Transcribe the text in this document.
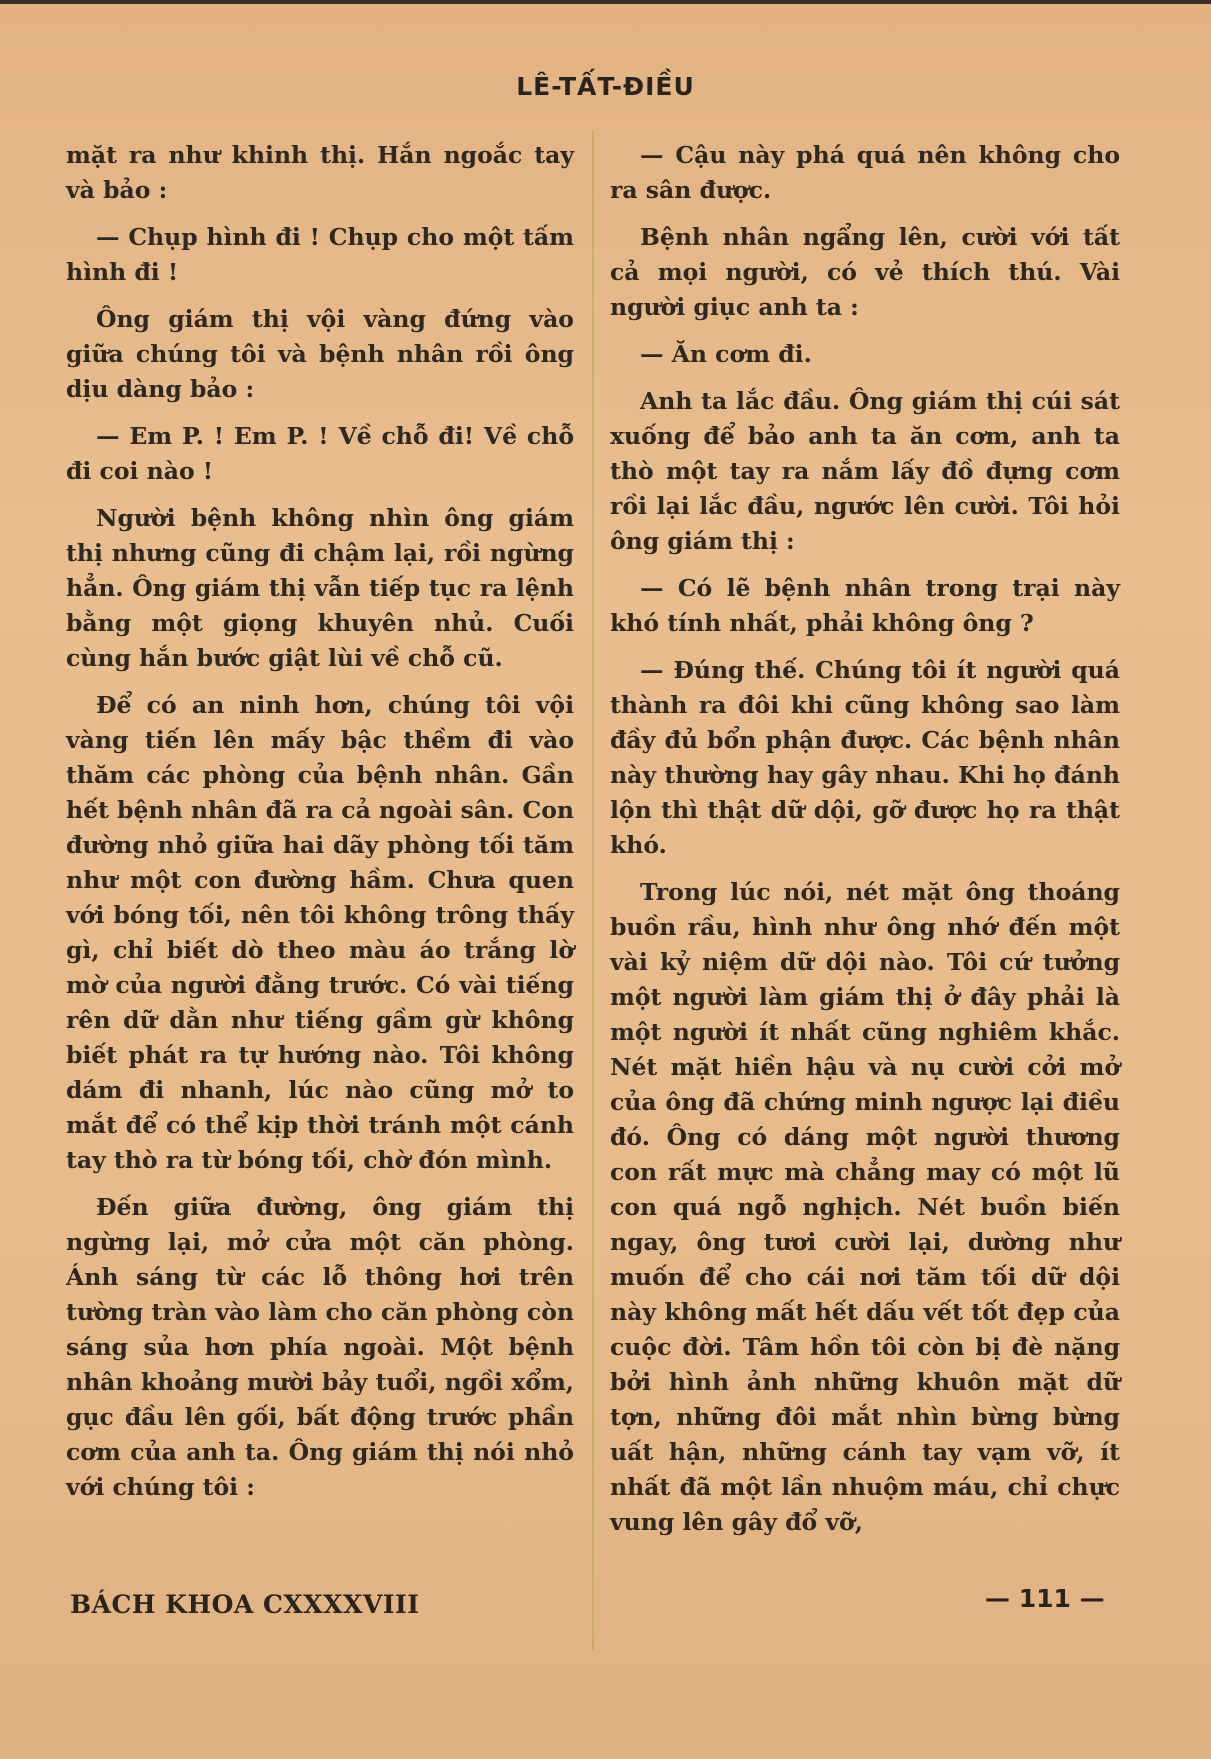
LÊ-TẤT-ĐIỀU

mặt ra như khinh thị. Hắn ngoắc tay và bảo :

— Chụp hình đi ! Chụp cho một tấm hình đi !

Ông giám thị vội vàng đứng vào giữa chúng tôi và bệnh nhân rồi ông dịu dàng bảo :

— Em P. ! Em P. ! Về chỗ đi! Về chỗ đi coi nào !

Người bệnh không nhìn ông giám thị nhưng cũng đi chậm lại, rồi ngừng hẳn. Ông giám thị vẫn tiếp tục ra lệnh bằng một giọng khuyên nhủ. Cuối cùng hắn bước giật lùi về chỗ cũ.

Để có an ninh hơn, chúng tôi vội vàng tiến lên mấy bậc thềm đi vào thăm các phòng của bệnh nhân. Gần hết bệnh nhân đã ra cả ngoài sân. Con đường nhỏ giữa hai dãy phòng tối tăm như một con đường hầm. Chưa quen với bóng tối, nên tôi không trông thấy gì, chỉ biết dò theo màu áo trắng lờ mờ của người đằng trước. Có vài tiếng rên dữ dằn như tiếng gầm gừ không biết phát ra tự hướng nào. Tôi không dám đi nhanh, lúc nào cũng mở to mắt để có thể kịp thời tránh một cánh tay thò ra từ bóng tối, chờ đón mình.

Đến giữa đường, ông giám thị ngừng lại, mở cửa một căn phòng. Ánh sáng từ các lỗ thông hơi trên tường tràn vào làm cho căn phòng còn sáng sủa hơn phía ngoài. Một bệnh nhân khoảng mười bảy tuổi, ngồi xổm, gục đầu lên gối, bất động trước phần cơm của anh ta. Ông giám thị nói nhỏ với chúng tôi :

— Cậu này phá quá nên không cho ra sân được.

Bệnh nhân ngẩng lên, cười với tất cả mọi người, có vẻ thích thú. Vài người giục anh ta :

— Ăn cơm đi.

Anh ta lắc đầu. Ông giám thị cúi sát xuống để bảo anh ta ăn cơm, anh ta thò một tay ra nắm lấy đồ đựng cơm rồi lại lắc đầu, ngước lên cười. Tôi hỏi ông giám thị :

— Có lẽ bệnh nhân trong trại này khó tính nhất, phải không ông ?

— Đúng thế. Chúng tôi ít người quá thành ra đôi khi cũng không sao làm đầy đủ bổn phận được. Các bệnh nhân này thường hay gây nhau. Khi họ đánh lộn thì thật dữ dội, gỡ được họ ra thật khó.

Trong lúc nói, nét mặt ông thoáng buồn rầu, hình như ông nhớ đến một vài kỷ niệm dữ dội nào. Tôi cứ tưởng một người làm giám thị ở đây phải là một người ít nhất cũng nghiêm khắc. Nét mặt hiền hậu và nụ cười cởi mở của ông đã chứng minh ngược lại điều đó. Ông có dáng một người thương con rất mực mà chẳng may có một lũ con quá ngỗ nghịch. Nét buồn biến ngay, ông tươi cười lại, dường như muốn để cho cái nơi tăm tối dữ dội này không mất hết dấu vết tốt đẹp của cuộc đời. Tâm hồn tôi còn bị đè nặng bởi hình ảnh những khuôn mặt dữ tợn, những đôi mắt nhìn bừng bừng uất hận, những cánh tay vạm vỡ, ít nhất đã một lần nhuộm máu, chỉ chực vung lên gây đổ vỡ,

BÁCH KHOA CXXXXVIII	— 111 —
